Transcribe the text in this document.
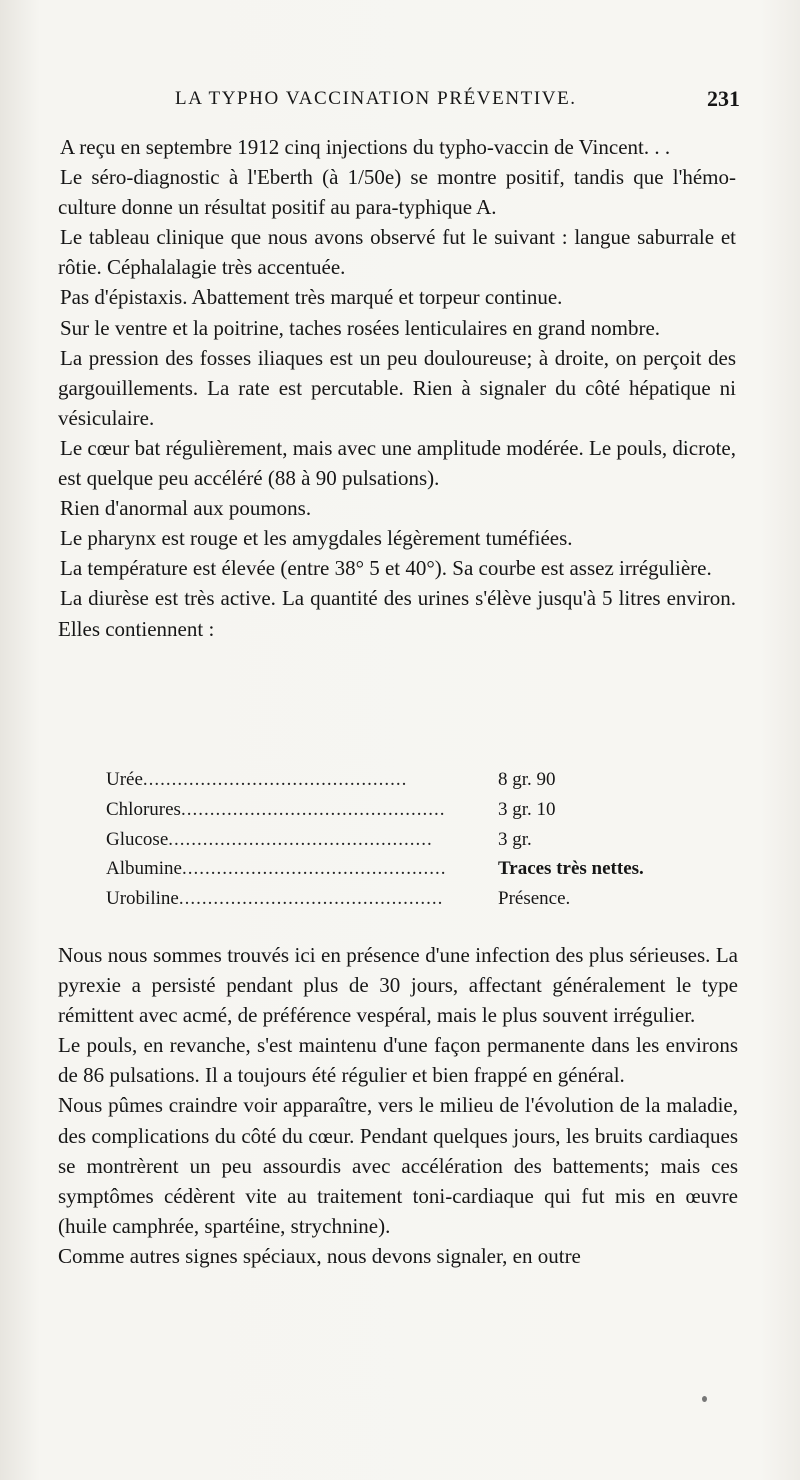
LA TYPHO VACCINATION PRÉVENTIVE.	231

A reçu en septembre 1912 cinq injections du typho-vaccin de Vincent. . .

Le séro-diagnostic à l'Eberth (à 1/50e) se montre positif, tandis que l'hémo-culture donne un résultat positif au para-typhique A.

Le tableau clinique que nous avons observé fut le suivant : langue saburrale et rôtie. Céphalalagie très accentuée.

Pas d'épistaxis. Abattement très marqué et torpeur continue.

Sur le ventre et la poitrine, taches rosées lenticulaires en grand nombre.

La pression des fosses iliaques est un peu douloureuse; à droite, on perçoit des gargouillements. La rate est percutable. Rien à signaler du côté hépatique ni vésiculaire.

Le cœur bat régulièrement, mais avec une amplitude modérée. Le pouls, dicrote, est quelque peu accéléré (88 à 90 pulsations).

Rien d'anormal aux poumons.

Le pharynx est rouge et les amygdales légèrement tuméfiées.

La température est élevée (entre 38° 5 et 40°). Sa courbe est assez irrégulière.

La diurèse est très active. La quantité des urines s'élève jusqu'à 5 litres environ. Elles contiennent :

Urée..............................................	8 gr. 90
Chlorures..............................................	3 gr. 10
Glucose..............................................	3 gr.
Albumine..............................................	Traces très nettes.
Urobiline..............................................	Présence.

Nous nous sommes trouvés ici en présence d'une infection des plus sérieuses. La pyrexie a persisté pendant plus de 30 jours, affectant généralement le type rémittent avec acmé, de préférence vespéral, mais le plus souvent irrégulier.

Le pouls, en revanche, s'est maintenu d'une façon permanente dans les environs de 86 pulsations. Il a toujours été régulier et bien frappé en général.

Nous pûmes craindre voir apparaître, vers le milieu de l'évolution de la maladie, des complications du côté du cœur. Pendant quelques jours, les bruits cardiaques se montrèrent un peu assourdis avec accélération des battements; mais ces symptômes cédèrent vite au traitement toni-cardiaque qui fut mis en œuvre (huile camphrée, spartéine, strychnine).

Comme autres signes spéciaux, nous devons signaler, en outre
